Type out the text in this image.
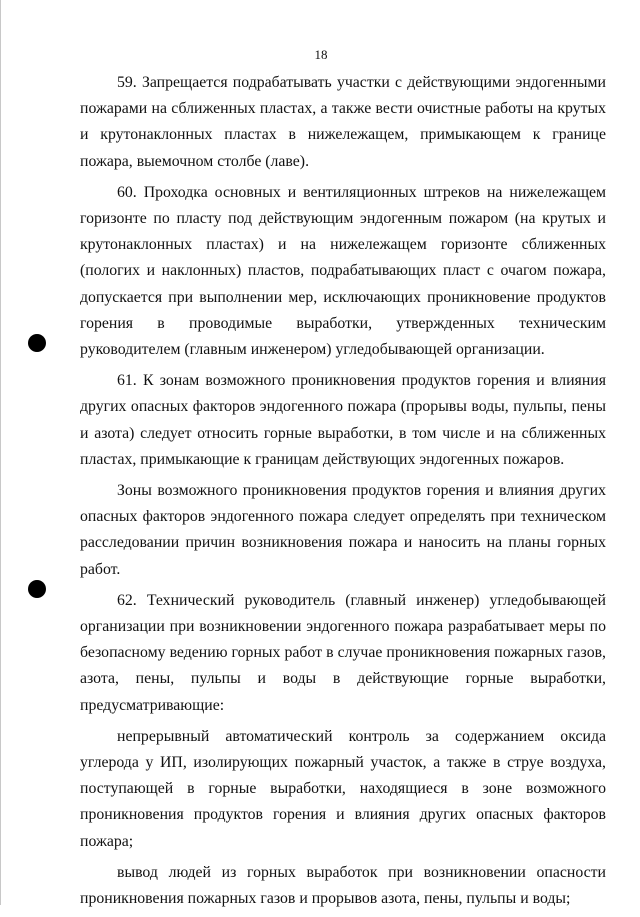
18

59. Запрещается подрабатывать участки с действующими эндогенными пожарами на сближенных пластах, а также вести очистные работы на крутых и крутонаклонных пластах в нижележащем, примыкающем к границе пожара, выемочном столбе (лаве).

60. Проходка основных и вентиляционных штреков на нижележащем горизонте по пласту под действующим эндогенным пожаром (на крутых и крутонаклонных пластах) и на нижележащем горизонте сближенных (пологих и наклонных) пластов, подрабатывающих пласт с очагом пожара, допускается при выполнении мер, исключающих проникновение продуктов горения в проводимые выработки, утвержденных техническим руководителем (главным инженером) угледобывающей организации.

61. К зонам возможного проникновения продуктов горения и влияния других опасных факторов эндогенного пожара (прорывы воды, пульпы, пены и азота) следует относить горные выработки, в том числе и на сближенных пластах, примыкающие к границам действующих эндогенных пожаров.

Зоны возможного проникновения продуктов горения и влияния других опасных факторов эндогенного пожара следует определять при техническом расследовании причин возникновения пожара и наносить на планы горных работ.

62. Технический руководитель (главный инженер) угледобывающей организации при возникновении эндогенного пожара разрабатывает меры по безопасному ведению горных работ в случае проникновения пожарных газов, азота, пены, пульпы и воды в действующие горные выработки, предусматривающие:

непрерывный автоматический контроль за содержанием оксида углерода у ИП, изолирующих пожарный участок, а также в струе воздуха, поступающей в горные выработки, находящиеся в зоне возможного проникновения продуктов горения и влияния других опасных факторов пожара;

вывод людей из горных выработок при возникновении опасности проникновения пожарных газов и прорывов азота, пены, пульпы и воды;
